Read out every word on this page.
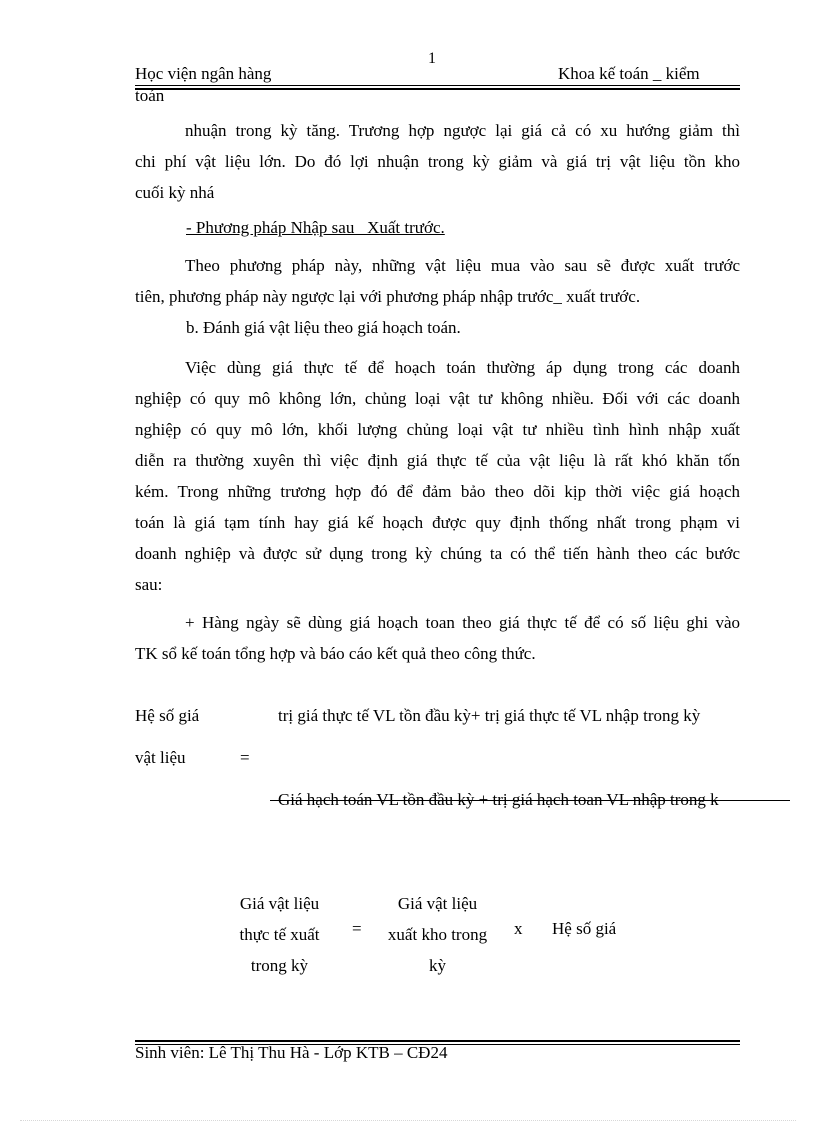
1
Học viện ngân hàng	Khoa kế toán _ kiểm
toán
nhuận trong kỳ tăng. Trương hợp ngược lại giá cả có xu hướng giảm thì
chi phí vật liệu lớn. Do đó lợi nhuận trong kỳ giảm và giá trị vật liệu tồn kho
cuối kỳ nhá
- Phương pháp Nhập sau_ Xuất trước.
Theo phương pháp này, những vật liệu mua vào sau sẽ được xuất trước
tiên, phương pháp này ngược lại với phương pháp nhập trước_ xuất trước.
b. Đánh giá vật liệu theo giá hoạch toán.
Việc dùng giá thực tế để hoạch toán thường áp dụng trong các doanh
nghiệp có quy mô không lớn, chủng loại vật tư không nhiều. Đối với các doanh
nghiệp có quy mô lớn, khối lượng chủng loại vật tư nhiều tình hình nhập xuất
diễn ra thường xuyên thì việc định giá thực tế của vật liệu là rất khó khăn tốn
kém. Trong những trương hợp đó để đảm bảo theo dõi kịp thời việc giá hoạch
toán là giá tạm tính hay giá kế hoạch được quy định thống nhất trong phạm vi
doanh nghiệp và được sử dụng trong kỳ chúng ta có thể tiến hành theo các bước
sau:
+ Hàng ngày sẽ dùng giá hoạch toan theo giá thực tế để có số liệu ghi vào
TK sổ kế toán tổng hợp và báo cáo kết quả theo công thức.
Hệ số giá	trị giá thực tế VL tồn đầu kỳ+ trị giá thực tế VL nhập trong kỳ
vật liệu	=
Giá hạch toán VL tồn đầu kỳ + trị giá hạch toan VL nhập trong k
Giá vật liệu
thực tế xuất
trong kỳ
=
Giá vật liệu
xuất kho trong
kỳ
x Hệ số giá
Sinh viên: Lê Thị Thu Hà - Lớp KTB – CĐ24
